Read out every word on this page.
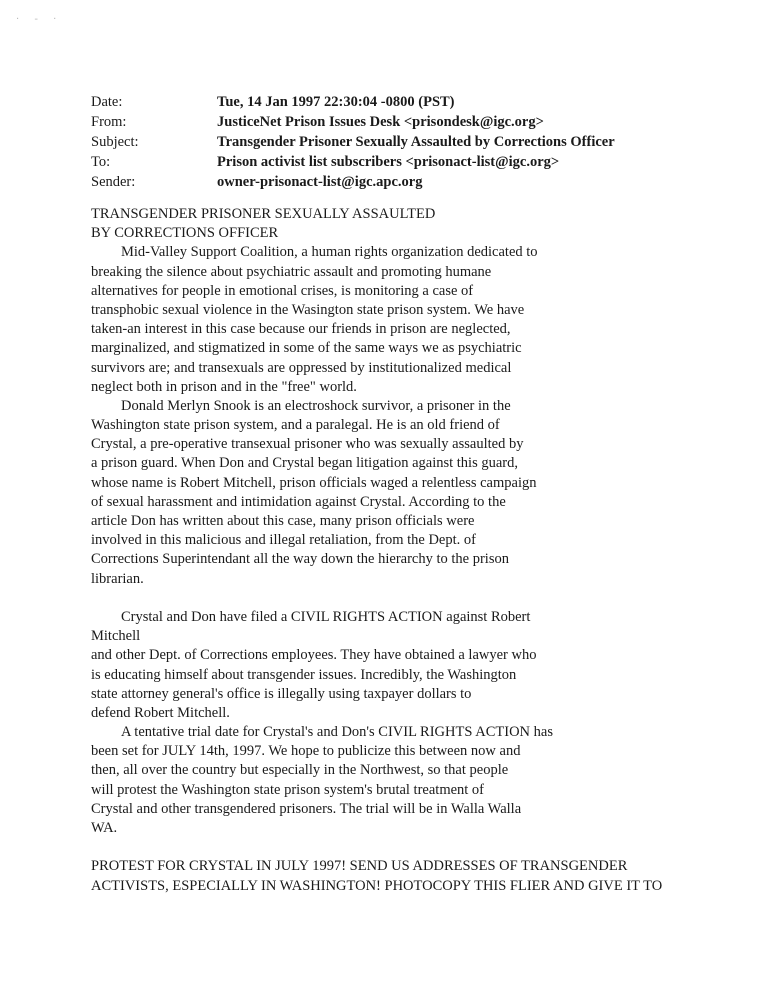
· - ·
Date:	Tue, 14 Jan 1997 22:30:04 -0800 (PST)
From:	JusticeNet Prison Issues Desk <prisondesk@igc.org>
Subject:	Transgender Prisoner Sexually Assaulted by Corrections Officer
To:	Prison activist list subscribers <prisonact-list@igc.org>
Sender:	owner-prisonact-list@igc.apc.org
TRANSGENDER PRISONER SEXUALLY ASSAULTED
BY CORRECTIONS OFFICER
Mid-Valley Support Coalition, a human rights organization dedicated to
breaking the silence about psychiatric assault and promoting humane
alternatives for people in emotional crises, is monitoring a case of
transphobic sexual violence in the Wasington state prison system. We have
taken-an interest in this case because our friends in prison are neglected,
marginalized, and stigmatized in some of the same ways we as psychiatric
survivors are; and transexuals are oppressed by institutionalized medical
neglect both in prison and in the "free" world.
Donald Merlyn Snook is an electroshock survivor, a prisoner in the
Washington state prison system, and a paralegal. He is an old friend of
Crystal, a pre-operative transexual prisoner who was sexually assaulted by
a prison guard. When Don and Crystal began litigation against this guard,
whose name is Robert Mitchell, prison officials waged a relentless campaign
of sexual harassment and intimidation against Crystal. According to the
article Don has written about this case, many prison officials were
involved in this malicious and illegal retaliation, from the Dept. of
Corrections Superintendant all the way down the hierarchy to the prison
librarian.
Crystal and Don have filed a CIVIL RIGHTS ACTION against Robert
Mitchell
and other Dept. of Corrections employees. They have obtained a lawyer who
is educating himself about transgender issues. Incredibly, the Washington
state attorney general's office is illegally using taxpayer dollars to
defend Robert Mitchell.
A tentative trial date for Crystal's and Don's CIVIL RIGHTS ACTION has
been set for JULY 14th, 1997. We hope to publicize this between now and
then, all over the country but especially in the Northwest, so that people
will protest the Washington state prison system's brutal treatment of
Crystal and other transgendered prisoners. The trial will be in Walla Walla
WA.
PROTEST FOR CRYSTAL IN JULY 1997! SEND US ADDRESSES OF TRANSGENDER
ACTIVISTS, ESPECIALLY IN WASHINGTON! PHOTOCOPY THIS FLIER AND GIVE IT TO
